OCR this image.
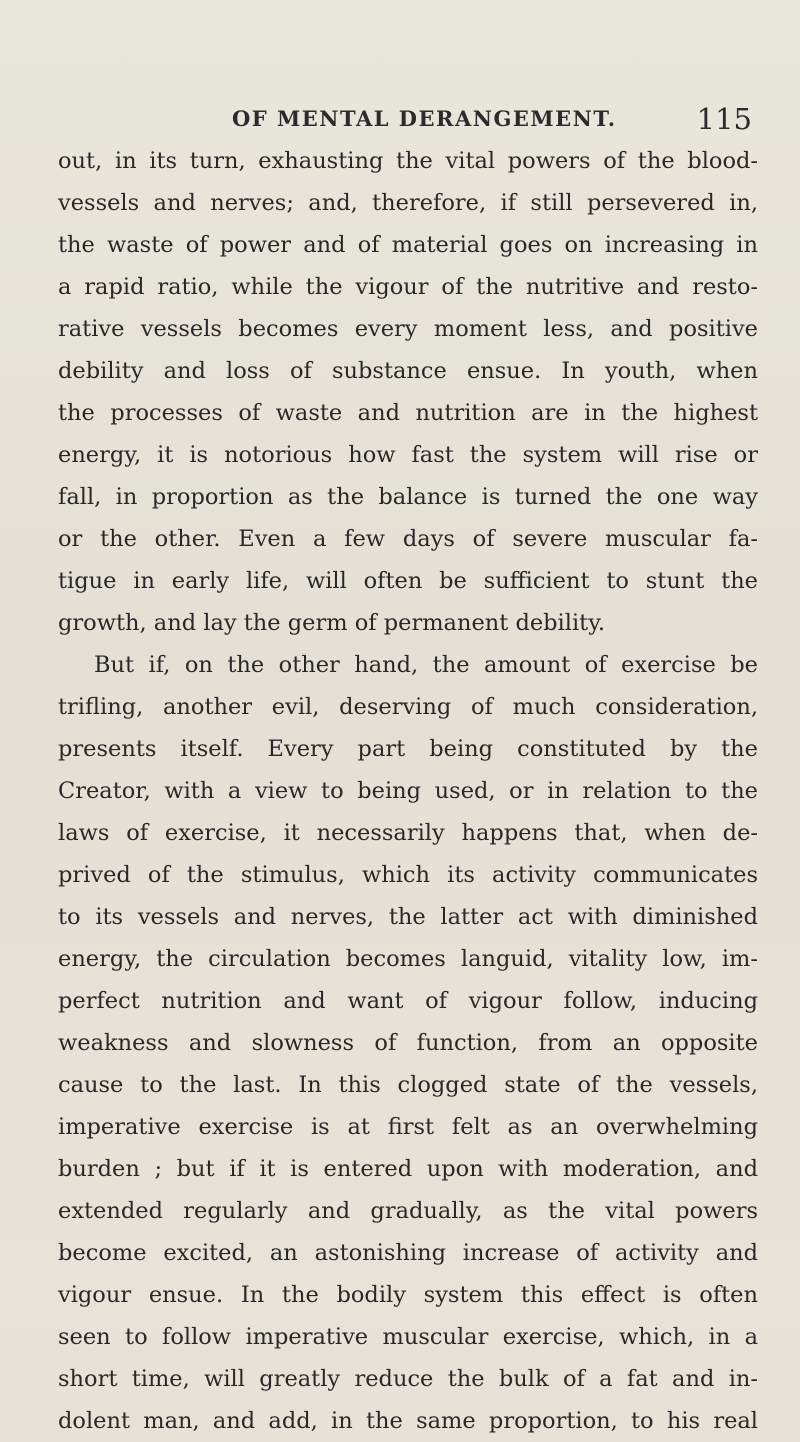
OF MENTAL DERANGEMENT.	115
out, in its turn, exhausting the vital powers of the blood-
vessels and nerves; and, therefore, if still persevered in,
the waste of power and of material goes on increasing in
a rapid ratio, while the vigour of the nutritive and resto-
rative vessels becomes every moment less, and positive
debility and loss of substance ensue. In youth, when
the processes of waste and nutrition are in the highest
energy, it is notorious how fast the system will rise or
fall, in proportion as the balance is turned the one way
or the other. Even a few days of severe muscular fa-
tigue in early life, will often be sufficient to stunt the
growth, and lay the germ of permanent debility.
But if, on the other hand, the amount of exercise be
trifling, another evil, deserving of much consideration,
presents itself. Every part being constituted by the
Creator, with a view to being used, or in relation to the
laws of exercise, it necessarily happens that, when de-
prived of the stimulus, which its activity communicates
to its vessels and nerves, the latter act with diminished
energy, the circulation becomes languid, vitality low, im-
perfect nutrition and want of vigour follow, inducing
weakness and slowness of function, from an opposite
cause to the last. In this clogged state of the vessels,
imperative exercise is at first felt as an overwhelming
burden ; but if it is entered upon with moderation, and
extended regularly and gradually, as the vital powers
become excited, an astonishing increase of activity and
vigour ensue. In the bodily system this effect is often
seen to follow imperative muscular exercise, which, in a
short time, will greatly reduce the bulk of a fat and in-
dolent man, and add, in the same proportion, to his real
